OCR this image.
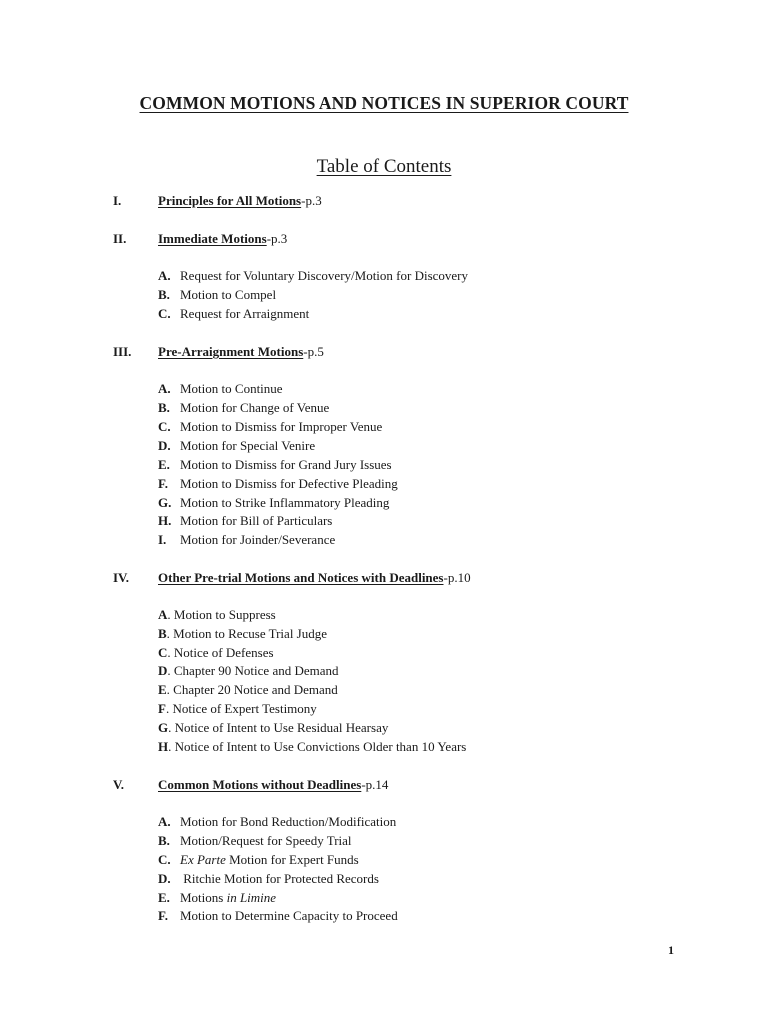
COMMON MOTIONS AND NOTICES IN SUPERIOR COURT
Table of Contents
I.	Principles for All Motions-p.3
II. Immediate Motions-p.3
A. Request for Voluntary Discovery/Motion for Discovery
B. Motion to Compel
C. Request for Arraignment
III. Pre-Arraignment Motions-p.5
A. Motion to Continue
B. Motion for Change of Venue
C. Motion to Dismiss for Improper Venue
D. Motion for Special Venire
E. Motion to Dismiss for Grand Jury Issues
F. Motion to Dismiss for Defective Pleading
G. Motion to Strike Inflammatory Pleading
H. Motion for Bill of Particulars
I. Motion for Joinder/Severance
IV. Other Pre-trial Motions and Notices with Deadlines-p.10
A. Motion to Suppress
B. Motion to Recuse Trial Judge
C. Notice of Defenses
D. Chapter 90 Notice and Demand
E. Chapter 20 Notice and Demand
F. Notice of Expert Testimony
G. Notice of Intent to Use Residual Hearsay
H. Notice of Intent to Use Convictions Older than 10 Years
V.	Common Motions without Deadlines-p.14
A. Motion for Bond Reduction/Modification
B. Motion/Request for Speedy Trial
C. Ex Parte Motion for Expert Funds
D. Ritchie Motion for Protected Records
E. Motions in Limine
F. Motion to Determine Capacity to Proceed
1
